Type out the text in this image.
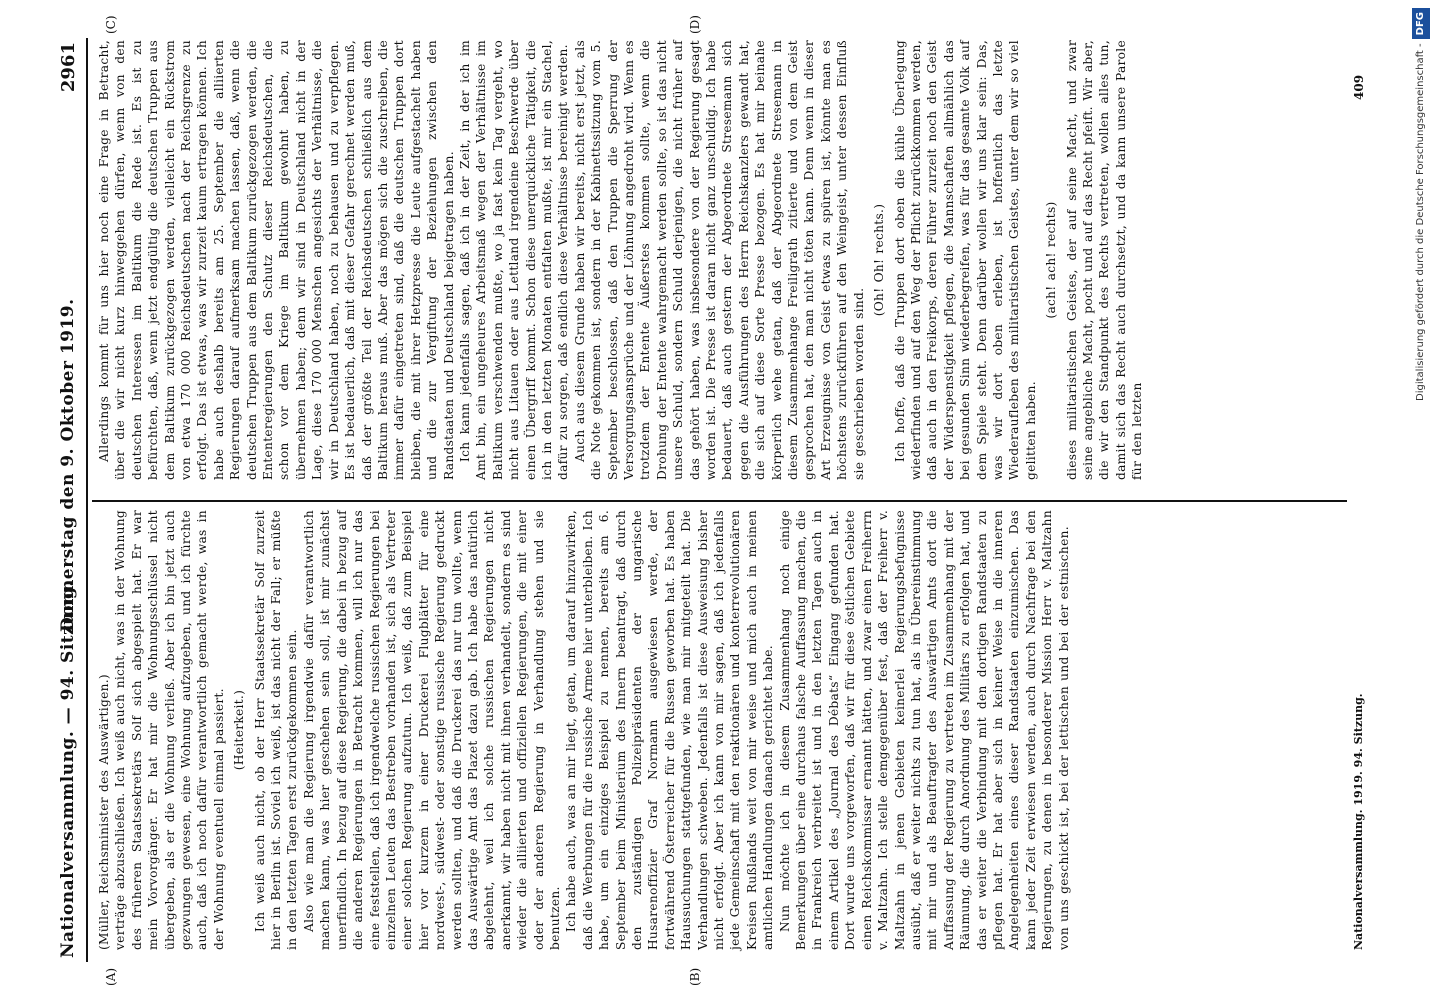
Nationalversammlung. — 94. Sitzung.
Donnerstag den 9. Oktober 1919.
2961
(A)	(B)
(C)	(D)

(Müller, Reichsminister des Auswärtigen.) verträge abzuschließen. Ich weiß auch nicht, was in der Wohnung des früheren Staatssekretärs Solf sich abgespielt hat. Er war mein Vorvorgänger. Er hat mir die Wohnungsschlüssel nicht übergeben, als er die Wohnung verließ. Aber ich bin jetzt auch gezwungen gewesen, eine Wohnung aufzugeben, und ich fürchte auch, daß ich noch dafür verantwortlich gemacht werde, was in der Wohnung eventuell einmal passiert. (Heiterkeit.) Ich weiß auch nicht, ob der Herr Staatssekretär Solf zurzeit hier in Berlin ist. Soviel ich weiß, ist das nicht der Fall; er müßte in den letzten Tagen erst zurückgekommen sein. Also wie man die Regierung irgendwie dafür verantwortlich machen kann, was hier geschehen sein soll, ist mir zunächst unerfindlich. In bezug auf diese Regierung, die dabei in bezug auf die anderen Regierungen in Betracht kommen, will ich nur das eine feststellen, daß ich irgendwelche russischen Regierungen bei einzelnen Leuten das Bestreben vorhanden ist, sich als Vertreter einer solchen Regierung aufzutun. Ich weiß, daß zum Beispiel hier vor kurzem in einer Druckerei Flugblätter für eine nordwest-, südwest- oder sonstige russische Regierung gedruckt werden sollten, und daß die Druckerei das nur tun wollte, wenn das Auswärtige Amt das Plazet dazu gab. Ich habe das natürlich abgelehnt, weil ich solche russischen Regierungen nicht anerkannt, wir haben nicht mit ihnen verhandelt, sondern es sind wieder die alliierten und offiziellen Regierungen, die mit einer oder der anderen Regierung in Verhandlung stehen und sie benutzen. Ich habe auch, was an mir liegt, getan, um darauf hinzuwirken, daß die Werbungen für die russische Armee hier unterbleiben. Ich habe, um ein einziges Beispiel zu nennen, bereits am 6. September beim Ministerium des Innern beantragt, daß durch den zuständigen Polizeipräsidenten der ungarische Husarenoffizier Graf Normann ausgewiesen werde, der fortwährend Österreicher für die Russen geworben hat. Es haben Haussuchungen stattgefunden, wie man mir mitgeteilt hat. Die Verhandlungen schweben. Jedenfalls ist diese Ausweisung bisher nicht erfolgt. Aber ich kann von mir sagen, daß ich jedenfalls jede Gemeinschaft mit den reaktionären und konterrevolutionären Kreisen Rußlands weit von mir weise und mich auch in meinen amtlichen Handlungen danach gerichtet habe. Nun möchte ich in diesem Zusammenhang noch einige Bemerkungen über eine durchaus falsche Auffassung machen, die in Frankreich verbreitet ist und in den letzten Tagen auch in einem Artikel des „Journal des Débats“ Eingang gefunden hat. Dort wurde uns vorgeworfen, daß wir für diese östlichen Gebiete einen Reichskommissar ernannt hätten, und zwar einen Freiherrn v. Maltzahn. Ich stelle demgegenüber fest, daß der Freiherr v. Maltzahn in jenen Gebieten keinerlei Regierungsbefugnisse ausübt, daß er weiter nichts zu tun hat, als in Übereinstimmung mit mir und als Beauftragter des Auswärtigen Amts dort die Auffassung der Regierung zu vertreten im Zusammenhang mit der Räumung, die durch Anordnung des Militärs zu erfolgen hat, und das er weiter die Verbindung mit den dortigen Randstaaten zu pflegen hat. Er hat aber sich in keiner Weise in die inneren Angelegenheiten eines dieser Randstaaten einzumischen. Das kann jeder Zeit erwiesen werden, auch durch Nachfrage bei den Regierungen, zu denen in besonderer Mission Herr v. Maltzahn von uns geschickt ist, bei der lettischen und bei der estnischen.

Allerdings kommt für uns hier noch eine Frage in Betracht, über die wir nicht kurz hinweggehen dürfen, wenn von den deutschen Interessen im Baltikum die Rede ist. Es ist zu befürchten, daß, wenn jetzt endgültig die deutschen Truppen aus dem Baltikum zurückgezogen werden, vielleicht ein Rückstrom von etwa 170 000 Reichsdeutschen nach der Reichsgrenze zu erfolgt. Das ist etwas, was wir zurzeit kaum ertragen können. Ich habe auch deshalb bereits am 25. September die alliierten Regierungen darauf aufmerksam machen lassen, daß, wenn die deutschen Truppen aus dem Baltikum zurückgezogen werden, die Ententeregierungen den Schutz dieser Reichsdeutschen, die schon vor dem Kriege im Baltikum gewohnt haben, zu übernehmen haben; denn wir sind in Deutschland nicht in der Lage, diese 170 000 Menschen angesichts der Verhältnisse, die wir in Deutschland haben, noch zu behausen und zu verpflegen. Es ist bedauerlich, daß mit dieser Gefahr gerechnet werden muß, daß der größte Teil der Reichsdeutschen schließlich aus dem Baltikum heraus muß. Aber das mögen sich die zuschreiben, die immer dafür eingetreten sind, daß die deutschen Truppen dort bleiben, die mit ihrer Hetzpresse die Leute aufgestachelt haben und die zur Vergiftung der Beziehungen zwischen den Randstaaten und Deutschland beigetragen haben. Ich kann jedenfalls sagen, daß ich in der Zeit, in der ich im Amt bin, ein ungeheures Arbeitsmaß wegen der Verhältnisse im Baltikum verschwenden mußte, wo ja fast kein Tag vergeht, wo nicht aus Litauen oder aus Lettland irgendeine Beschwerde über einen Übergriff kommt. Schon diese unerquickliche Tätigkeit, die ich in den letzten Monaten entfalten mußte, ist mir ein Stachel, dafür zu sorgen, daß endlich diese Verhältnisse bereinigt werden. Auch aus diesem Grunde haben wir bereits, nicht erst jetzt, als die Note gekommen ist, sondern in der Kabinettssitzung vom 5. September beschlossen, daß den Truppen die Sperrung der Versorgungsansprüche und der Löhnung angedroht wird. Wenn es trotzdem der Entente Äußerstes kommen sollte, wenn die Drohung der Entente wahrgemacht werden sollte, so ist das nicht unsere Schuld, sondern Schuld derjenigen, die nicht früher auf das gehört haben, was insbesondere von der Regierung gesagt worden ist. Die Presse ist daran nicht ganz unschuldig. Ich habe bedauert, daß auch gestern der Abgeordnete Stresemann sich gegen die Ausführungen des Herrn Reichskanzlers gewandt hat, die sich auf diese Sorte Presse bezogen. Es hat mir beinahe körperlich wehe getan, daß der Abgeordnete Stresemann in diesem Zusammenhange Freiligrath zitierte und von dem Geist gesprochen hat, den man nicht töten kann. Denn wenn in dieser Art Erzeugnisse von Geist etwas zu spüren ist, könnte man es höchstens zurückführen auf den Weingeist, unter dessen Einfluß sie geschrieben worden sind.

(Oh! Oh! rechts.) Ich hoffe, daß die Truppen dort oben die kühle Überlegung wiederfinden und auf den Weg der Pflicht zurückkommen werden, daß auch in den Freikorps, deren Führer zurzeit noch den Geist der Widerspenstigkeit pflegen, die Mannschaften allmählich das bei gesunden Sinn wiederbegreifen, was für das gesamte Volk auf dem Spiele steht. Denn darüber wollen wir uns klar sein: Das, was wir dort oben erleben, ist hoffentlich das letzte Wiederaufleben des militaristischen Geistes, unter dem wir so viel gelitten haben.

(ach! ach! rechts) dieses militaristischen Geistes, der auf seine Macht, und zwar seine angebliche Macht, pocht und auf das Recht pfeift. Wir aber, die wir den Standpunkt des Rechts vertreten, wollen alles tun, damit sich das Recht auch durchsetzt, und da kann unsere Parole für den letzten

Nationalversammlung. 1919. 94. Sitzung.
409	Digitalisierung gefördert durch die Deutsche Forschungsgemeinschaft -DFG
